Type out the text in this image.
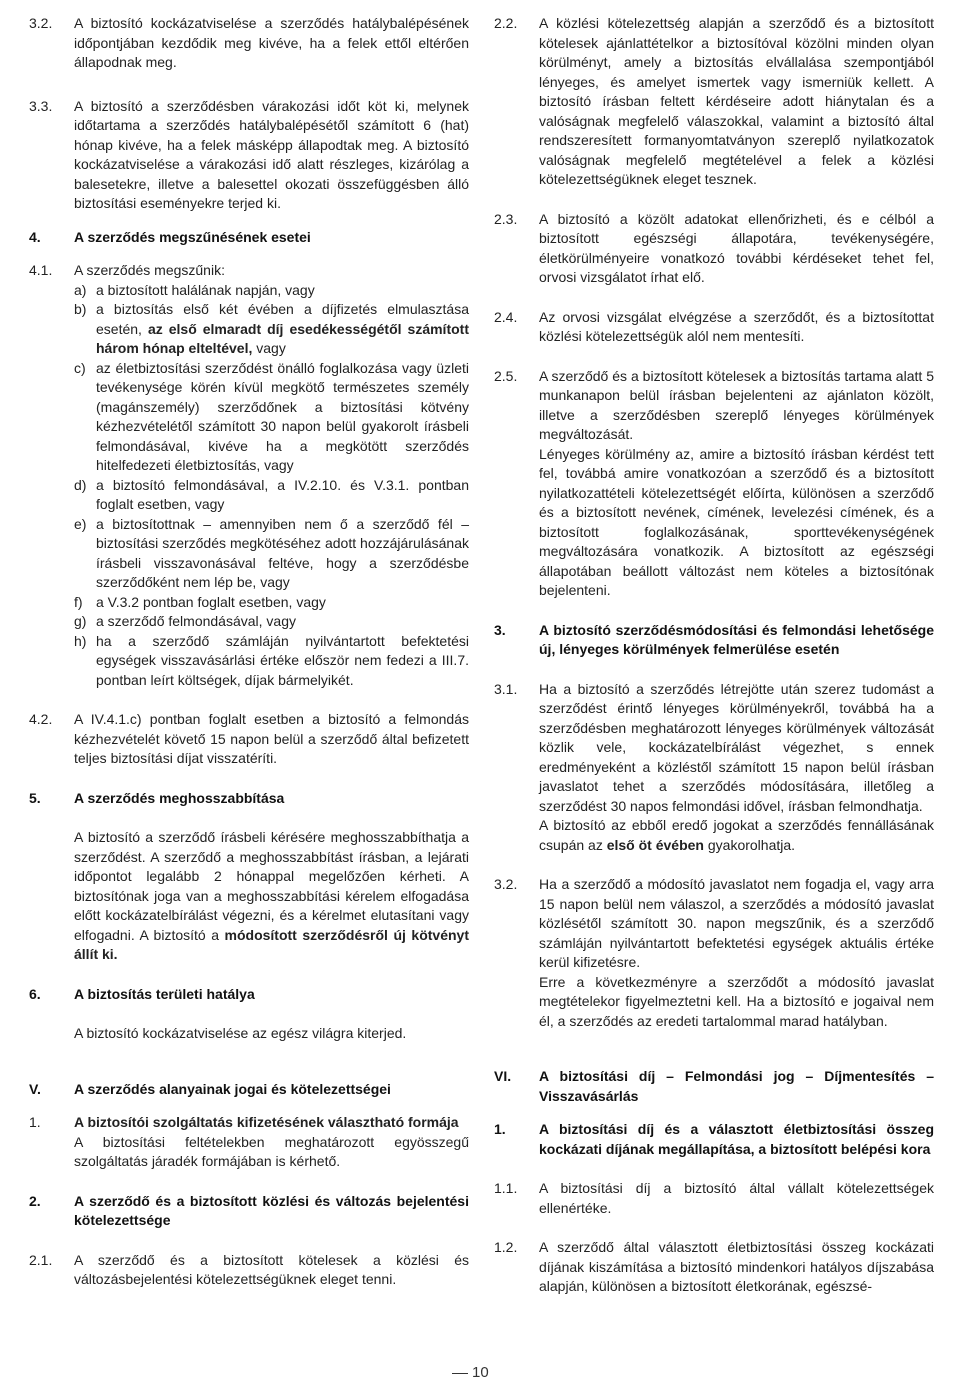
3.2.	A biztosító kockázatviselése a szerződés hatálybalépésének időpontjában kezdődik meg kivéve, ha a felek ettől eltérően állapodnak meg.
3.3.	A biztosító a szerződésben várakozási időt köt ki, melynek időtartama a szerződés hatálybalépésétől számított 6 (hat) hónap kivéve, ha a felek másképp állapodtak meg. A biztosító kockázatviselése a várakozási idő alatt részleges, kizárólag a balesetekre, illetve a balesettel okozati összefüggésben álló biztosítási eseményekre terjed ki.
4.	A szerződés megszűnésének esetei
4.1.	A szerződés megszűnik:
a) a biztosított halálának napján, vagy
b) a biztosítás első két évében a díjfizetés elmulasztása esetén, az első elmaradt díj esedékességétől számított három hónap elteltével, vagy
c) az életbiztosítási szerződést önálló foglalkozása vagy üzleti tevékenysége körén kívül megkötő természetes személy (magánszemély) szerződőnek a biztosítási kötvény kézhezvételétől számított 30 napon belül gyakorolt írásbeli felmondásával, kivéve ha a megkötött szerződés hitelfedezeti életbiztosítás, vagy
d) a biztosító felmondásával, a IV.2.10. és V.3.1. pontban foglalt esetben, vagy
e) a biztosítottnak – amennyiben nem ő a szerződő fél – biztosítási szerződés megkötéséhez adott hozzájárulásának írásbeli visszavonásával feltéve, hogy a szerződésbe szerződőként nem lép be, vagy
f) a V.3.2 pontban foglalt esetben, vagy
g) a szerződő felmondásával, vagy
h) ha a szerződő számláján nyilvántartott befektetési egységek visszavásárlási értéke először nem fedezi a III.7. pontban leírt költségek, díjak bármelyikét.
4.2.	A IV.4.1.c) pontban foglalt esetben a biztosító a felmondás kézhezvételét követő 15 napon belül a szerződő által befizetett teljes biztosítási díjat visszatéríti.
5.	A szerződés meghosszabbítása
A biztosító a szerződő írásbeli kérésére meghosszabbíthatja a szerződést. A szerződő a meghosszabbítást írásban, a lejárati időpontot legalább 2 hónappal megelőzően kérheti. A biztosítónak joga van a meghosszabbítási kérelem elfogadása előtt kockázatelbírálást végezni, és a kérelmet elutasítani vagy elfogadni. A biztosító a módosított szerződésről új kötvényt állít ki.
6.	A biztosítás területi hatálya
A biztosító kockázatviselése az egész világra kiterjed.
V.	A szerződés alanyainak jogai és kötelezettségei
1.	A biztosítói szolgáltatás kifizetésének választható formája
A biztosítási feltételekben meghatározott egyösszegű szolgáltatás járadék formájában is kérhető.
2.	A szerződő és a biztosított közlési és változás bejelentési kötelezettsége
2.1.	A szerződő és a biztosított kötelesek a közlési és változásbejelentési kötelezettségüknek eleget tenni.
2.2.	A közlési kötelezettség alapján a szerződő és a biztosított kötelesek ajánlattételkor a biztosítóval közölni minden olyan körülményt, amely a biztosítás elvállalása szempontjából lényeges, és amelyet ismertek vagy ismerniük kellett. A biztosító írásban feltett kérdéseire adott hiánytalan és a valóságnak megfelelő válaszokkal, valamint a biztosító által rendszeresített formanyomtatványon szereplő nyilatkozatok valóságnak megfelelő megtételével a felek a közlési kötelezettségüknek eleget tesznek.
2.3.	A biztosító a közölt adatokat ellenőrizheti, és e célból a biztosított egészségi állapotára, tevékenységére, életkörülményeire vonatkozó további kérdéseket tehet fel, orvosi vizsgálatot írhat elő.
2.4.	Az orvosi vizsgálat elvégzése a szerződőt, és a biztosítottat közlési kötelezettségük alól nem mentesíti.
2.5.	A szerződő és a biztosított kötelesek a biztosítás tartama alatt 5 munkanapon belül írásban bejelenteni az ajánlaton közölt, illetve a szerződésben szereplő lényeges körülmények megváltozását.
Lényeges körülmény az, amire a biztosító írásban kérdést tett fel, továbbá amire vonatkozóan a szerződő és a biztosított nyilatkozattételi kötelezettségét előírta, különösen a szerződő és a biztosított nevének, címének, levelezési címének, és a biztosított foglalkozásának, sporttevékenységének megváltozására vonatkozik. A biztosított az egészségi állapotában beállott változást nem köteles a biztosítónak bejelenteni.
3.	A biztosító szerződésmódosítási és felmondási lehetősége új, lényeges körülmények felmerülése esetén
3.1.	Ha a biztosító a szerződés létrejötte után szerez tudomást a szerződést érintő lényeges körülményekről, továbbá ha a szerződésben meghatározott lényeges körülmények változását közlik vele, kockázatelbírálást végezhet, s ennek eredményeként a közléstől számított 15 napon belül írásban javaslatot tehet a szerződés módosítására, illetőleg a szerződést 30 napos felmondási idővel, írásban felmondhatja.
A biztosító az ebből eredő jogokat a szerződés fennállásának csupán az első öt évében gyakorolhatja.
3.2.	Ha a szerződő a módosító javaslatot nem fogadja el, vagy arra 15 napon belül nem válaszol, a szerződés a módosító javaslat közlésétől számított 30. napon megszűnik, és a szerződő számláján nyilvántartott befektetési egységek aktuális értéke kerül kifizetésre.
Erre a következményre a szerződőt a módosító javaslat megtételekor figyelmeztetni kell. Ha a biztosító e jogaival nem él, a szerződés az eredeti tartalommal marad hatályban.
VI.	A biztosítási díj – Felmondási jog – Díjmentesítés – Visszavásárlás
1.	A biztosítási díj és a választott életbiztosítási összeg kockázati díjának megállapítása, a biztosított belépési kora
1.1.	A biztosítási díj a biztosító által vállalt kötelezettségek ellenértéke.
1.2.	A szerződő által választott életbiztosítási összeg kockázati díjának kiszámítása a biztosító mindenkori hatályos díjszabása alapján, különösen a biztosított életkorának, egészsé-
10
